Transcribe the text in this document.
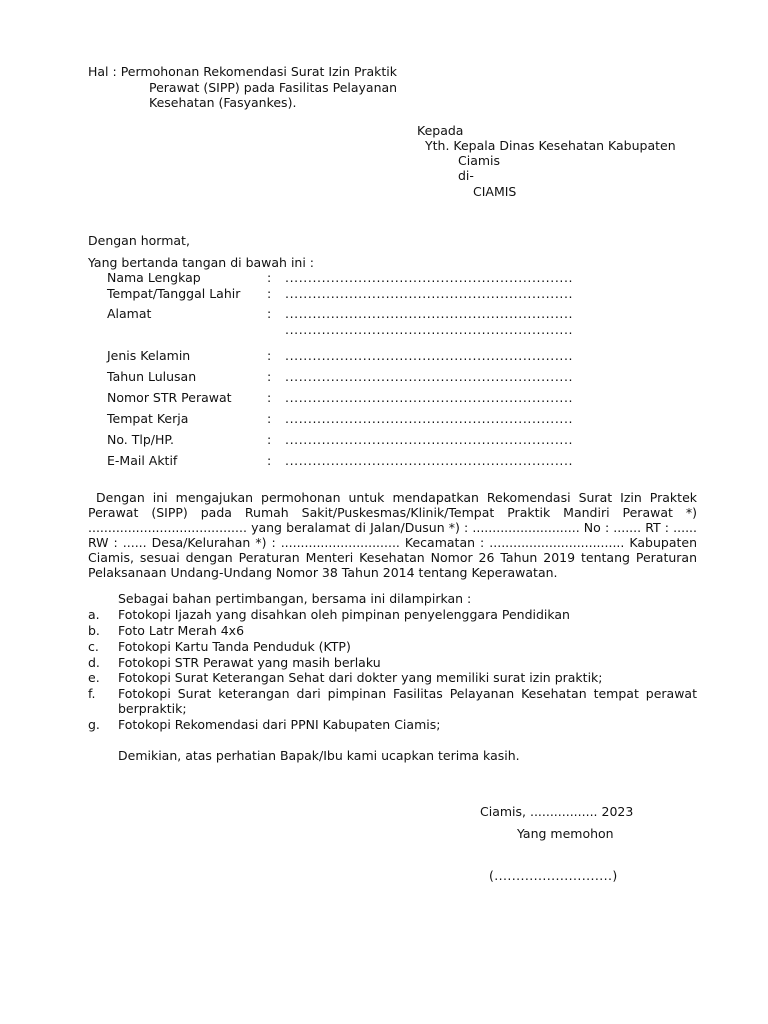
Hal : Permohonan Rekomendasi Surat Izin Praktik
Perawat (SIPP) pada Fasilitas Pelayanan
Kesehatan (Fasyankes).
Kepada
Yth. Kepala Dinas Kesehatan Kabupaten
Ciamis
di-
CIAMIS
Dengan hormat,
Yang bertanda tangan di bawah ini :
Nama Lengkap	: ...............................................................
Tempat/Tanggal Lahir : ...............................................................
Alamat	: ...............................................................
...............................................................
Jenis Kelamin	: ...............................................................
Tahun Lulusan	: ...............................................................
Nomor STR Perawat	: ...............................................................
Tempat Kerja	: ...............................................................
No. Tlp/HP.	: ...............................................................
E-Mail Aktif	: ...............................................................
Dengan ini mengajukan permohonan untuk mendapatkan Rekomendasi Surat Izin Praktek
Perawat (SIPP) pada Rumah Sakit/Puskesmas/Klinik/Tempat Praktik Mandiri Perawat *)
........................................ yang beralamat di Jalan/Dusun *) : ........................... No : ....... RT : ......
RW : ...... Desa/Kelurahan *) : .............................. Kecamatan : .................................. Kabupaten
Ciamis, sesuai dengan Peraturan Menteri Kesehatan Nomor 26 Tahun 2019 tentang Peraturan
Pelaksanaan Undang-Undang Nomor 38 Tahun 2014 tentang Keperawatan.
Sebagai bahan pertimbangan, bersama ini dilampirkan :
a. Fotokopi Ijazah yang disahkan oleh pimpinan penyelenggara Pendidikan
b. Foto Latr Merah 4x6
c. Fotokopi Kartu Tanda Penduduk (KTP)
d. Fotokopi STR Perawat yang masih berlaku
e. Fotokopi Surat Keterangan Sehat dari dokter yang memiliki surat izin praktik;
f. Fotokopi Surat keterangan dari pimpinan Fasilitas Pelayanan Kesehatan tempat perawat
berpraktik;
g. Fotokopi Rekomendasi dari PPNI Kabupaten Ciamis;
Demikian, atas perhatian Bapak/Ibu kami ucapkan terima kasih.
Ciamis, ................. 2023
Yang memohon
(...........................)
